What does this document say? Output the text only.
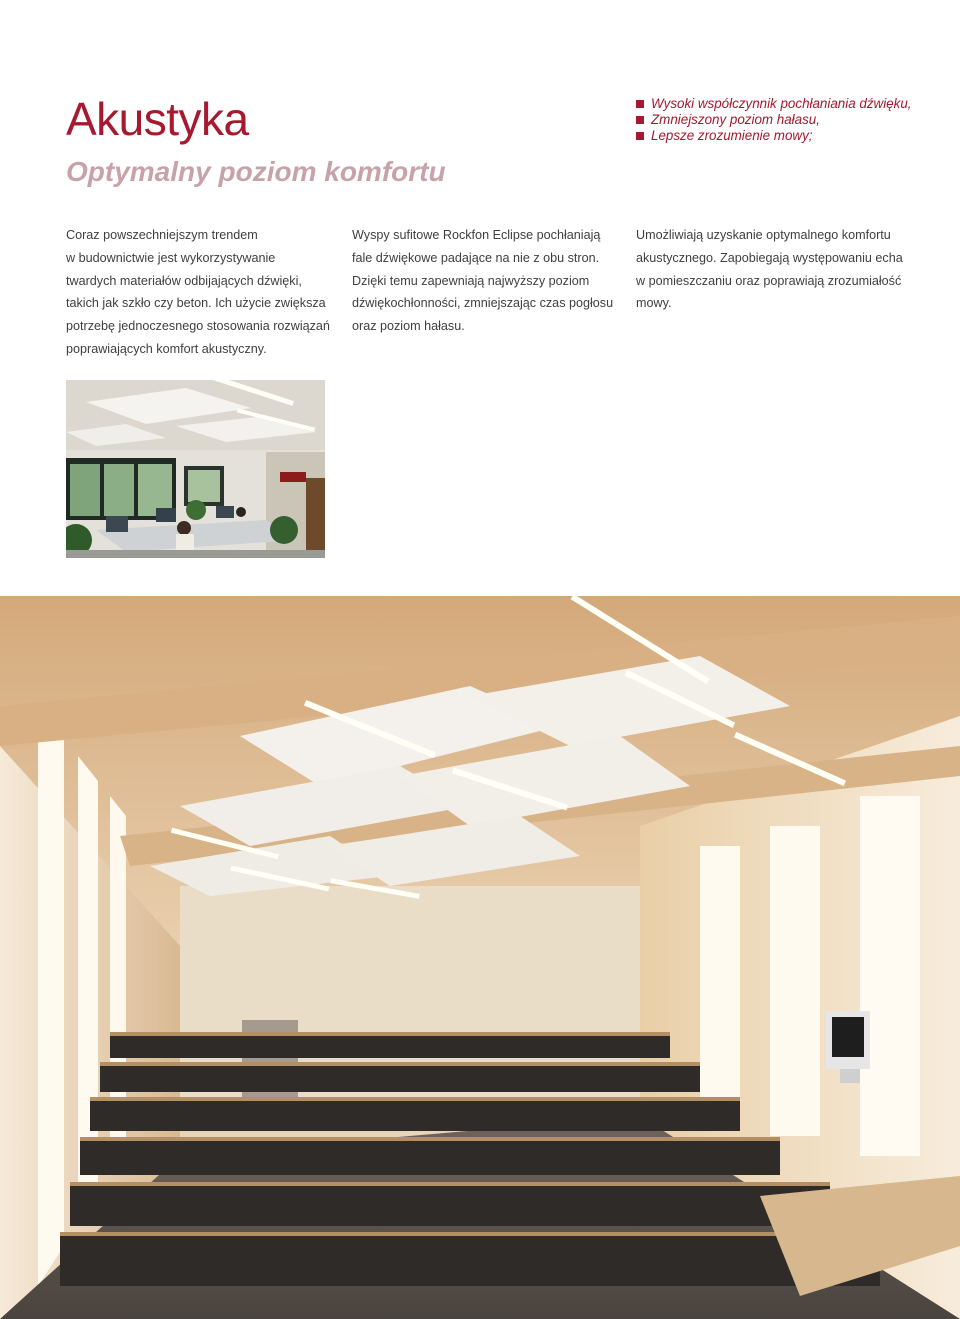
Akustyka
Optymalny poziom komfortu
Wysoki współczynnik pochłaniania dźwięku,
Zmniejszony poziom hałasu,
Lepsze zrozumienie mowy;

Coraz powszechniejszym trendem

w budownictwie jest wykorzystywanie

twardych materiałów odbijających dźwięki,

takich jak szkło czy beton. Ich użycie zwiększa

potrzebę jednoczesnego stosowania rozwiązań

poprawiających komfort akustyczny.

Wyspy sufitowe Rockfon Eclipse pochłaniają

fale dźwiękowe padające na nie z obu stron.

Dzięki temu zapewniają najwyższy poziom

dźwiękochłonności, zmniejszając czas pogłosu

oraz poziom hałasu.

Umożliwiają uzyskanie optymalnego komfortu

akustycznego. Zapobiegają występowaniu echa

w pomieszczaniu oraz poprawiają zrozumiałość

mowy.
